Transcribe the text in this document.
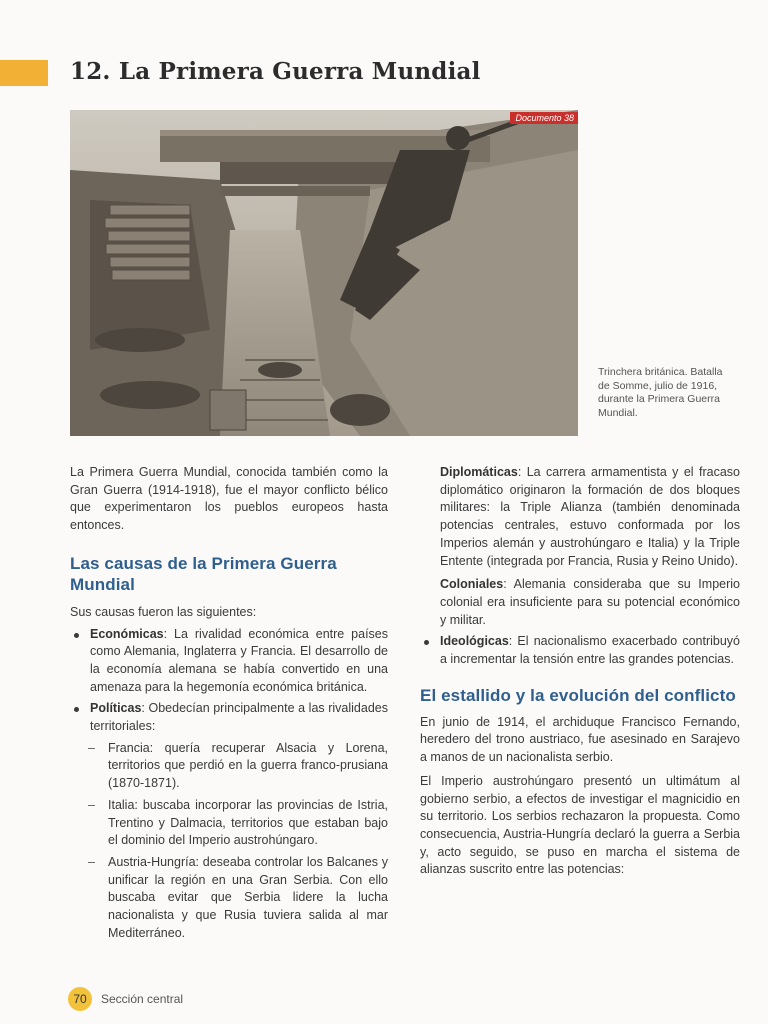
12. La Primera Guerra Mundial
Documento 38

Trinchera británica. Batalla de Somme, julio de 1916, durante la Primera Guerra Mundial.

La Primera Guerra Mundial, conocida también como la Gran Guerra (1914-1918), fue el mayor conflicto bélico que experimentaron los pueblos europeos hasta entonces.

Las causas de la Primera Guerra Mundial

Sus causas fueron las siguientes:

Económicas: La rivalidad económica entre países como Alemania, Inglaterra y Francia. El desarrollo de la economía alemana se había convertido en una amenaza para la hegemonía económica británica.
Políticas: Obedecían principalmente a las rivalidades territoriales:
– Francia: quería recuperar Alsacia y Lorena, territorios que perdió en la guerra franco-prusiana (1870-1871).
– Italia: buscaba incorporar las provincias de Istria, Trentino y Dalmacia, territorios que estaban bajo el dominio del Imperio austrohúngaro.
– Austria-Hungría: deseaba controlar los Balcanes y unificar la región en una Gran Serbia. Con ello buscaba evitar que Serbia lidere la lucha nacionalista y que Rusia tuviera salida al mar Mediterráneo.

Diplomáticas: La carrera armamentista y el fracaso diplomático originaron la formación de dos bloques militares: la Triple Alianza (también denominada potencias centrales, estuvo conformada por los Imperios alemán y austrohúngaro e Italia) y la Triple Entente (integrada por Francia, Rusia y Reino Unido).

Coloniales: Alemania consideraba que su Imperio colonial era insuficiente para su potencial económico y militar.

Ideológicas: El nacionalismo exacerbado contribuyó a incrementar la tensión entre las grandes potencias.
El estallido y la evolución del conflicto

En junio de 1914, el archiduque Francisco Fernando, heredero del trono austriaco, fue asesinado en Sarajevo a manos de un nacionalista serbio.

El Imperio austrohúngaro presentó un ultimátum al gobierno serbio, a efectos de investigar el magnicidio en su territorio. Los serbios rechazaron la propuesta. Como consecuencia, Austria-Hungría declaró la guerra a Serbia y, acto seguido, se puso en marcha el sistema de alianzas suscrito entre las potencias:

70	Sección central
